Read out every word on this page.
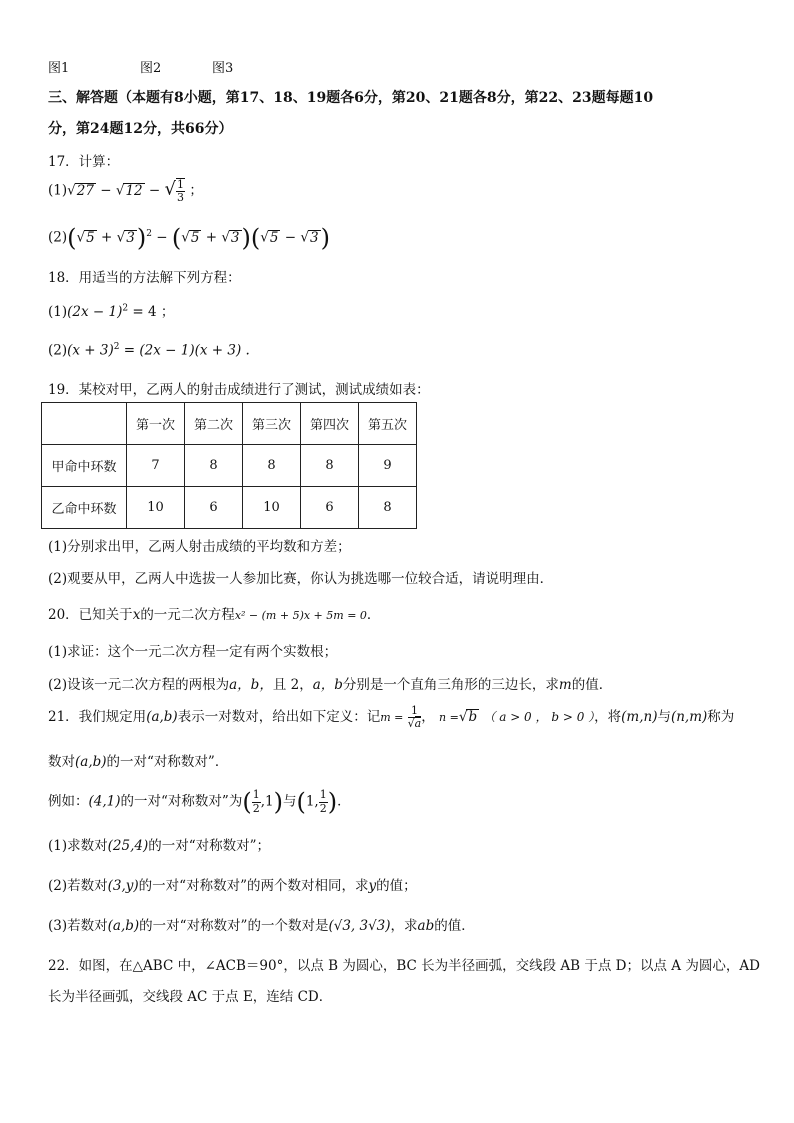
图1	图2	图3
三、解答题（本题有8小题，第17、18、19题各6分，第20、21题各8分，第22、23题每题10
分，第24题12分，共66分）
17．计算：
(1)√27 − √12 − √ $\frac{1}{3}$ ；
$(2)(√5 + √3)^2 - (√5 + √3)(√5 - √3)$
18．用适当的方法解下列方程：
$(1)(2x - 1)^2 = 4$ ；
$(2)(x + 3)^2 = (2x - 1)(x + 3)$ .
19．某校对甲，乙两人的射击成绩进行了测试，测试成绩如表：
	第一次	第二次	第三次	第四次	第五次
甲命中环数	7	8	8	8	9
乙命中环数	10	6	10	6	8
(1)分别求出甲，乙两人射击成绩的平均数和方差；
(2)观要从甲，乙两人中选拔一人参加比赛，你认为挑选哪一位较合适，请说明理由．
20．已知关于x的一元二次方程x² − (m + 5)x + 5m = 0．
(1)求证：这个一元二次方程一定有两个实数根；
(2)设该一元二次方程的两根为a，b，且 2，a，b分别是一个直角三角形的三边长，求m的值．
21．我们规定用(a,b)表示一对数对，给出如下定义：记$m = \frac{1}{√a}$ ， n =√b （ a > 0 ， b > 0 ），将(m,n)与(n,m)称为
数对(a,b)的一对“对称数对”．
例如：(4,1)的一对“对称数对”为( $\frac{1}{2} ,1$)与(1, $\frac{1}{2}$ )．
(1)求数对(25,4)的一对“对称数对”；
(2)若数对(3,y)的一对“对称数对”的两个数对相同，求y的值；
(3)若数对(a,b)的一对“对称数对”的一个数对是(√3, 3√3)，求ab的值．
22．如图，在△ABC 中，∠ACB＝90°，以点 B 为圆心，BC 长为半径画弧，交线段 AB 于点 D；以点 A 为圆心，AD
长为半径画弧，交线段 AC 于点 E，连结 CD．
